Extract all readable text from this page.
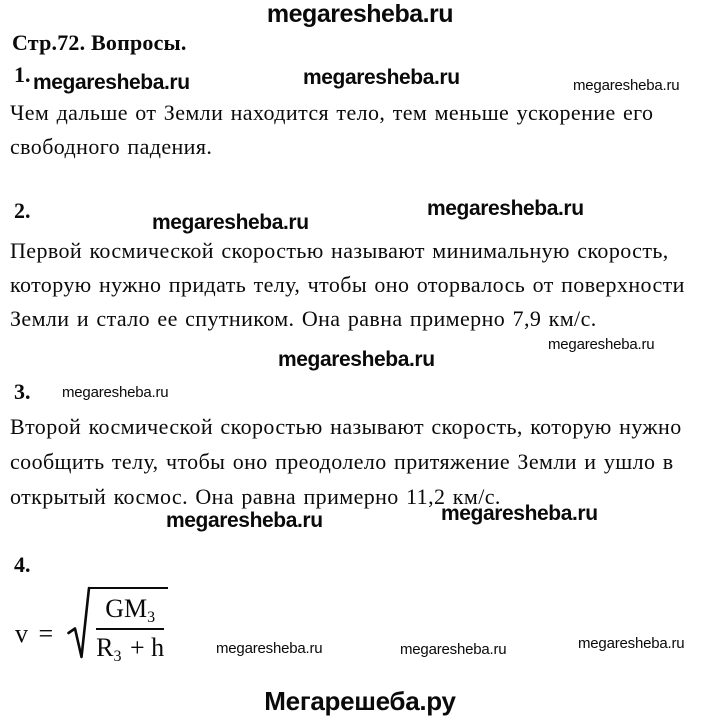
megaresheba.ru
Стр.72. Вопросы.
1. megaresheba.ru	megaresheba.ru	megaresheba.ru
Чем дальше от Земли находится тело, тем меньше ускорение его
свободного падения.
2.	megaresheba.ru
megaresheba.ru
Первой космической скоростью называют минимальную скорость,
которую нужно придать телу, чтобы оно оторвалось от поверхности
Земли и стало ее спутником. Она равна примерно 7,9 км/с.
megaresheba.ru
megaresheba.ru
3. megaresheba.ru
Второй космической скоростью называют скорость, которую нужно
сообщить телу, чтобы оно преодолело притяжение Земли и ушло в
открытый космос. Она равна примерно 11,2 км/с.
megaresheba.ru	megaresheba.ru
4.
$v = \frac{GM_3}{R_3 + h}$	megaresheba.ru	megaresheba.ru	megaresheba.ru
Мегарешеба.ру
